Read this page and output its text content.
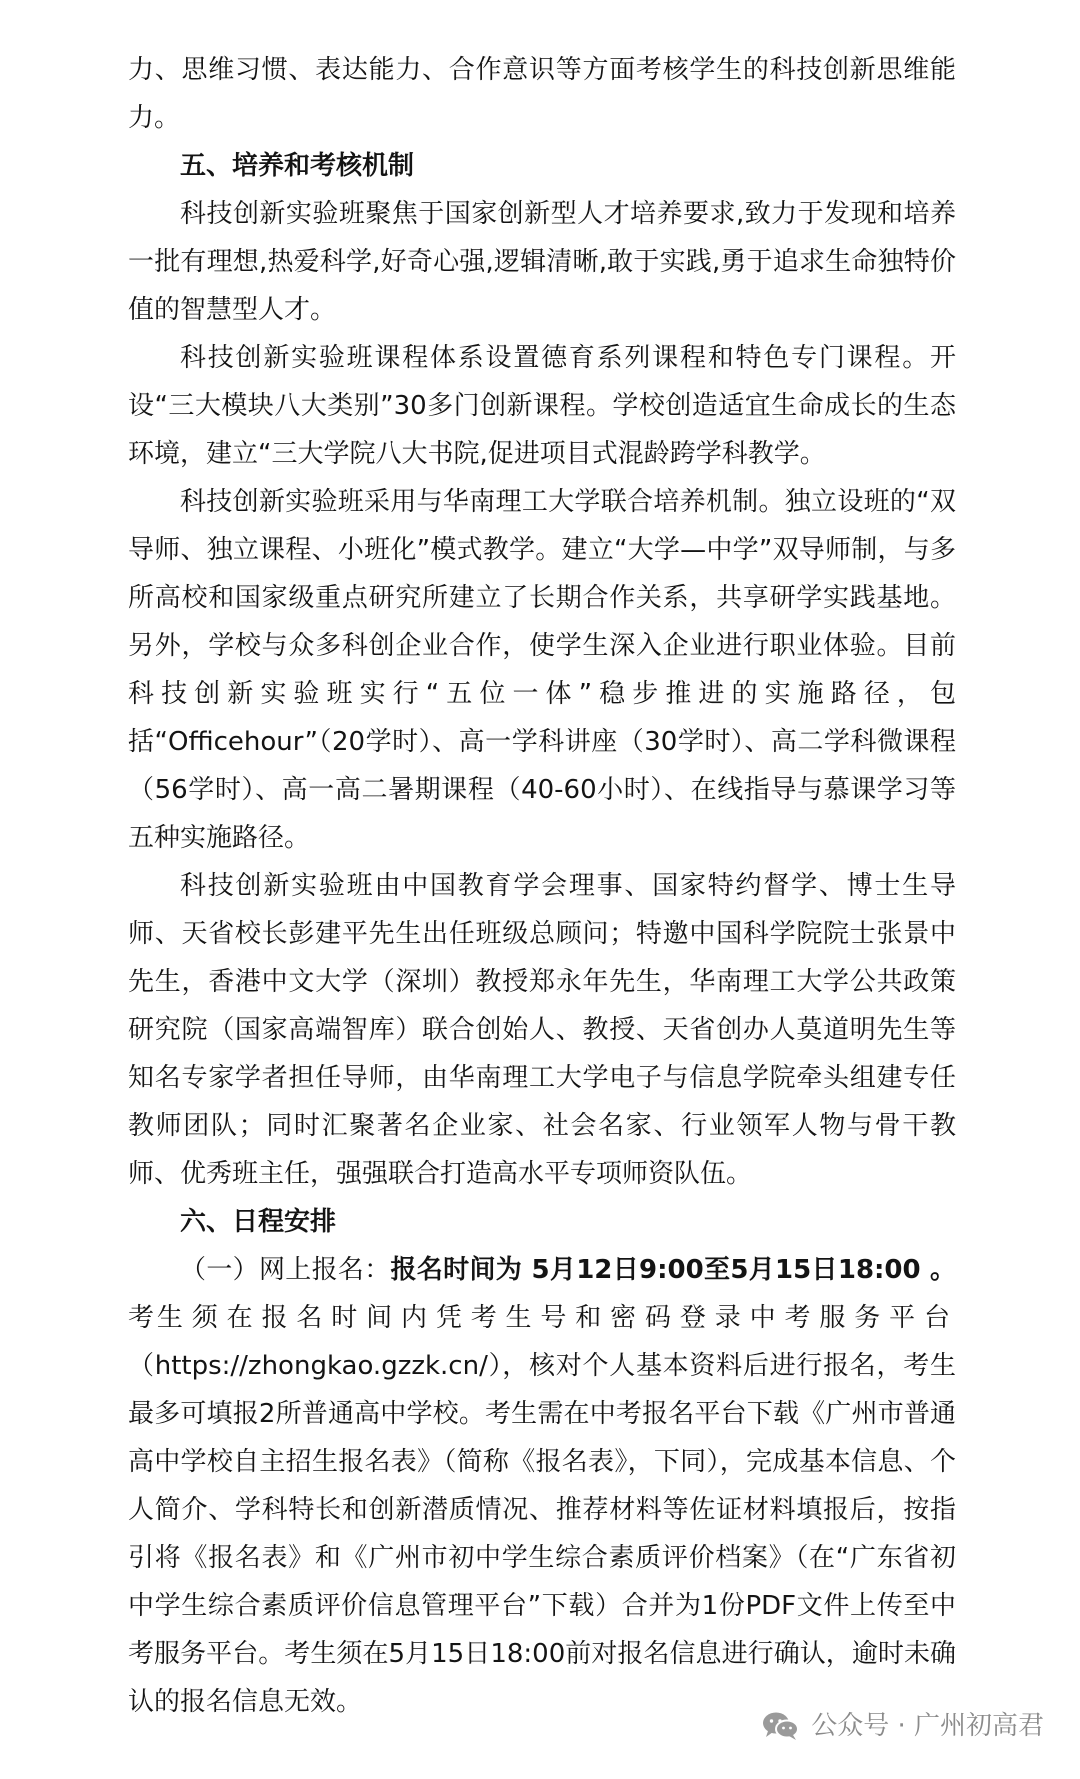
力、思维习惯、表达能力、合作意识等方面考核学生的科技创新思维能力。

五、培养和考核机制

科技创新实验班聚焦于国家创新型人才培养要求,致力于发现和培养一批有理想,热爱科学,好奇心强,逻辑清晰,敢于实践,勇于追求生命独特价值的智慧型人才。

科技创新实验班课程体系设置德育系列课程和特色专门课程。开设“三大模块八大类别”30多门创新课程。学校创造适宜生命成长的生态环境，建立“三大学院八大书院,促进项目式混龄跨学科教学。

科技创新实验班采用与华南理工大学联合培养机制。独立设班的“双导师、独立课程、小班化”模式教学。建立“大学—中学”双导师制，与多所高校和国家级重点研究所建立了长期合作关系，共享研学实践基地。另外，学校与众多科创企业合作，使学生深入企业进行职业体验。目前科技创新实验班实行“五位一体”稳步推进的实施路径，包括“Officehour”（20学时）、高一学科讲座（30学时）、高二学科微课程（56学时）、高一高二暑期课程（40-60小时）、在线指导与慕课学习等五种实施路径。

科技创新实验班由中国教育学会理事、国家特约督学、博士生导师、天省校长彭建平先生出任班级总顾问；特邀中国科学院院士张景中先生，香港中文大学（深圳）教授郑永年先生，华南理工大学公共政策研究院（国家高端智库）联合创始人、教授、天省创办人莫道明先生等知名专家学者担任导师，由华南理工大学电子与信息学院牵头组建专任教师团队；同时汇聚著名企业家、社会名家、行业领军人物与骨干教师、优秀班主任，强强联合打造高水平专项师资队伍。

六、日程安排

（一）网上报名：报名时间为 5月12日9:00至5月15日18:00 。考生须在报名时间内凭考生号和密码登录中考服务平台（https://zhongkao.gzzk.cn/），核对个人基本资料后进行报名，考生最多可填报2所普通高中学校。考生需在中考报名平台下载《广州市普通高中学校自主招生报名表》（简称《报名表》，下同），完成基本信息、个人简介、学科特长和创新潜质情况、推荐材料等佐证材料填报后，按指引将《报名表》和《广州市初中学生综合素质评价档案》（在“广东省初中学生综合素质评价信息管理平台”下载）合并为1份PDF文件上传至中考服务平台。考生须在5月15日18:00前对报名信息进行确认，逾时未确认的报名信息无效。

公众号 · 广州初高君
